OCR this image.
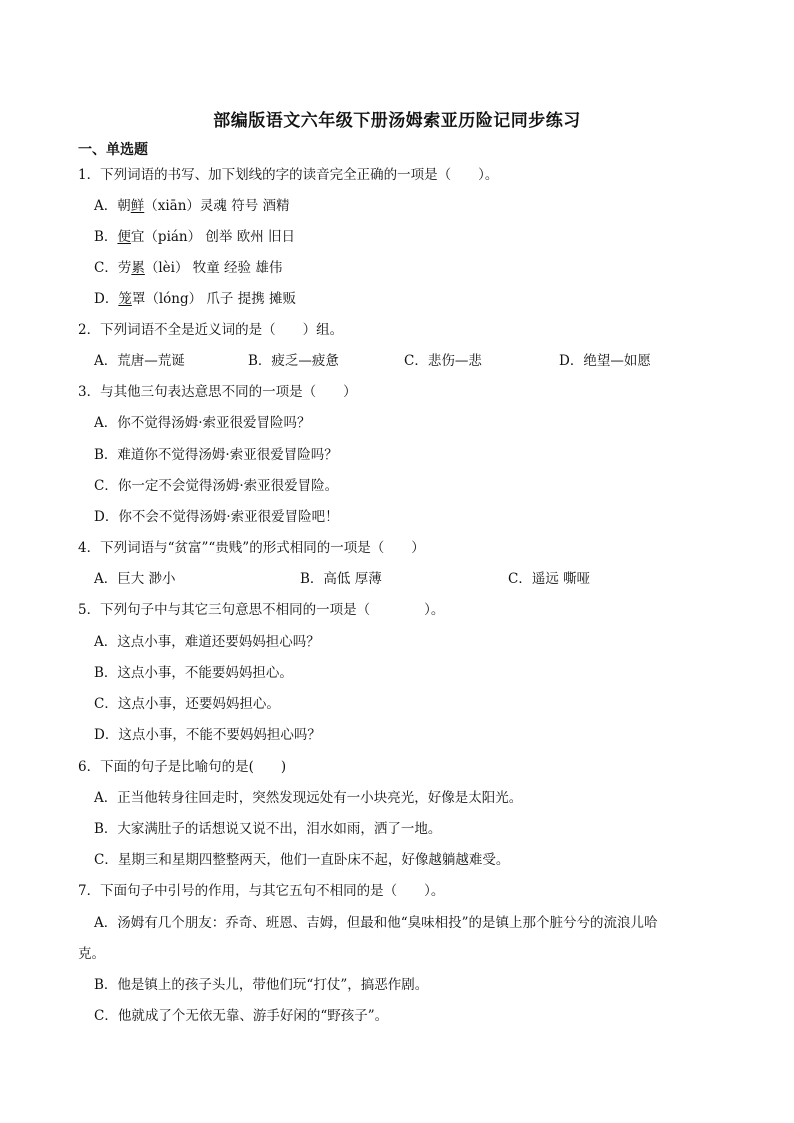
部编版语文六年级下册汤姆索亚历险记同步练习
一、单选题
1．下列词语的书写、加下划线的字的读音完全正确的一项是（　　）。
A．朝鲜（xiān）灵魂 符号 酒精
B．便宜（pián） 创举 欧州 旧日
C．劳累（lèi） 牧童 经验 雄伟
D．笼罩（lóng） 爪子 提携 摊贩
2．下列词语不全是近义词的是（　　）组。
A．荒唐—荒诞	B．疲乏—疲惫	C．悲伤—悲	D．绝望—如愿
3．与其他三句表达意思不同的一项是（　　）
A．你不觉得汤姆·索亚很爱冒险吗？
B．难道你不觉得汤姆·索亚很爱冒险吗？
C．你一定不会觉得汤姆·索亚很爱冒险。
D．你不会不觉得汤姆·索亚很爱冒险吧！
4．下列词语与“贫富”“贵贱”的形式相同的一项是（　　）
A．巨大 渺小	B．高低 厚薄	C．遥远 嘶哑
5．下列句子中与其它三句意思不相同的一项是（　　　　）。
A．这点小事，难道还要妈妈担心吗？
B．这点小事，不能要妈妈担心。
C．这点小事，还要妈妈担心。
D．这点小事，不能不要妈妈担心吗？
6．下面的句子是比喻句的是(　　)
A．正当他转身往回走时，突然发现远处有一小块亮光，好像是太阳光。
B．大家满肚子的话想说又说不出，泪水如雨，洒了一地。
C．星期三和星期四整整两天，他们一直卧床不起，好像越躺越难受。
7．下面句子中引号的作用，与其它五句不相同的是（　　）。
A．汤姆有几个朋友：乔奇、班恩、吉姆，但最和他“臭味相投”的是镇上那个脏兮兮的流浪儿哈
克。
B．他是镇上的孩子头儿，带他们玩“打仗”，搞恶作剧。
C．他就成了个无依无靠、游手好闲的“野孩子”。
